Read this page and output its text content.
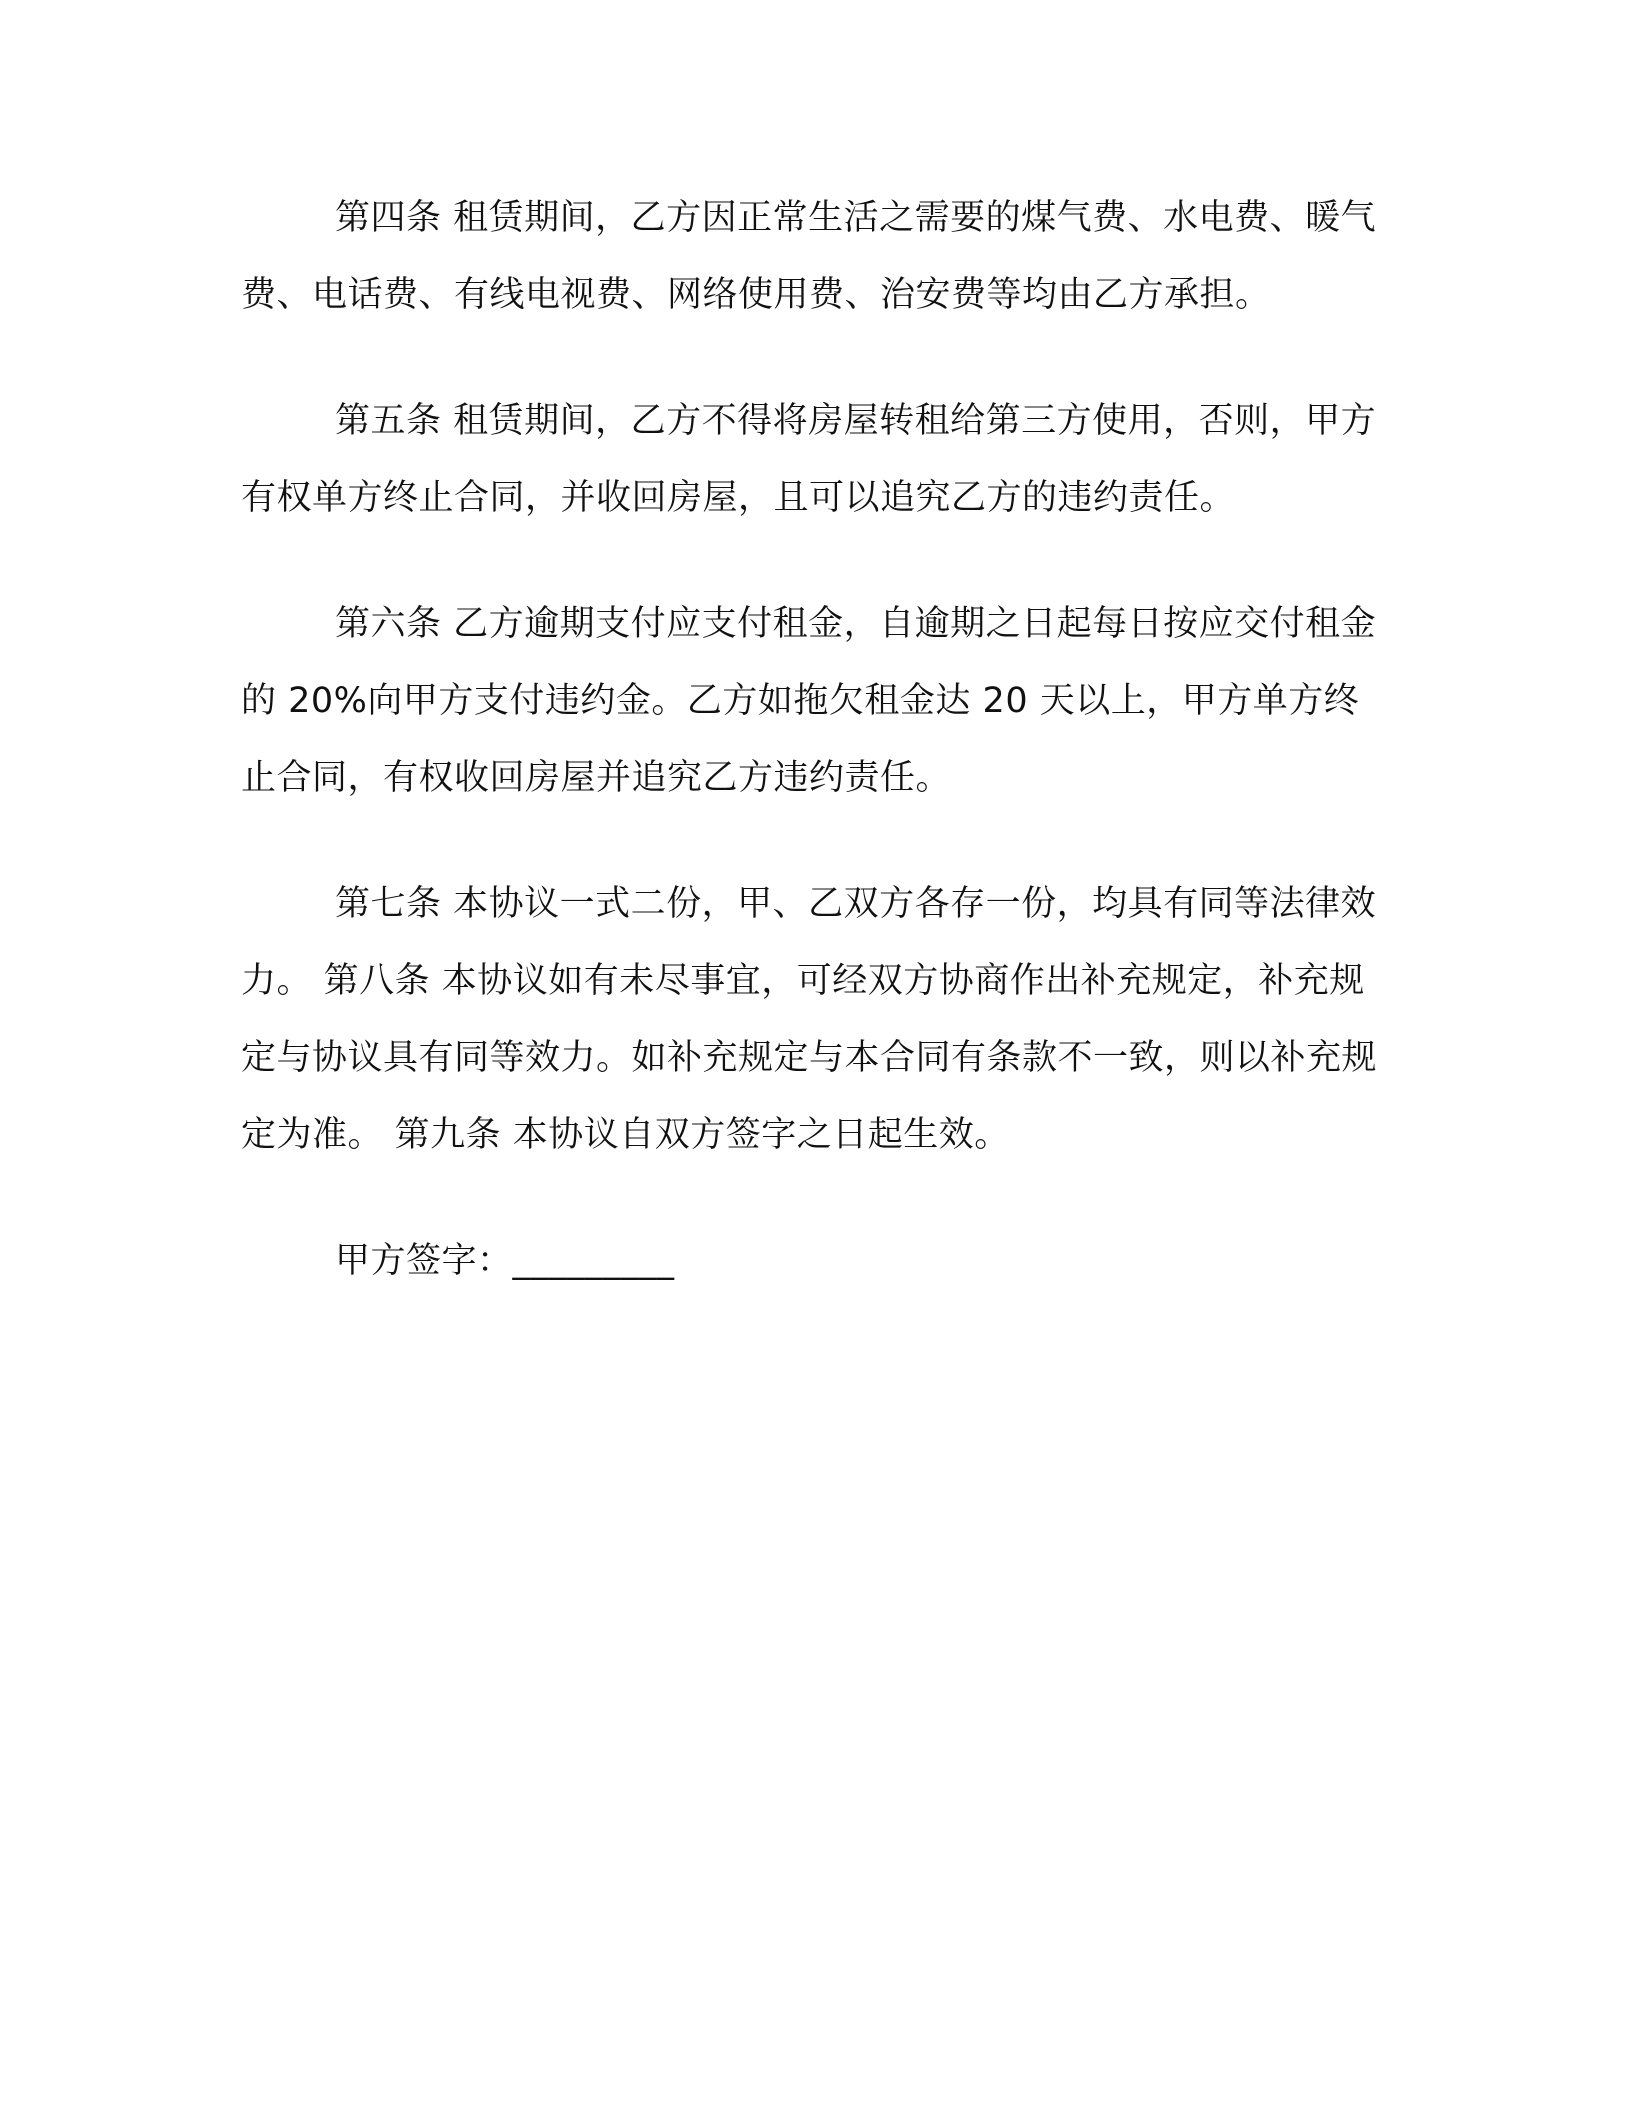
第四条 租赁期间，乙方因正常生活之需要的煤气费、水电费、暖气费、电话费、有线电视费、网络使用费、治安费等均由乙方承担。

第五条 租赁期间，乙方不得将房屋转租给第三方使用，否则，甲方有权单方终止合同，并收回房屋，且可以追究乙方的违约责任。

第六条 乙方逾期支付应支付租金，自逾期之日起每日按应交付租金的 20%向甲方支付违约金。乙方如拖欠租金达 20 天以上，甲方单方终止合同，有权收回房屋并追究乙方违约责任。

第七条 本协议一式二份，甲、乙双方各存一份，均具有同等法律效力。 第八条 本协议如有未尽事宜，可经双方协商作出补充规定，补充规定与协议具有同等效力。如补充规定与本合同有条款不一致，则以补充规定为准。 第九条 本协议自双方签字之日起生效。

甲方签字：_________
